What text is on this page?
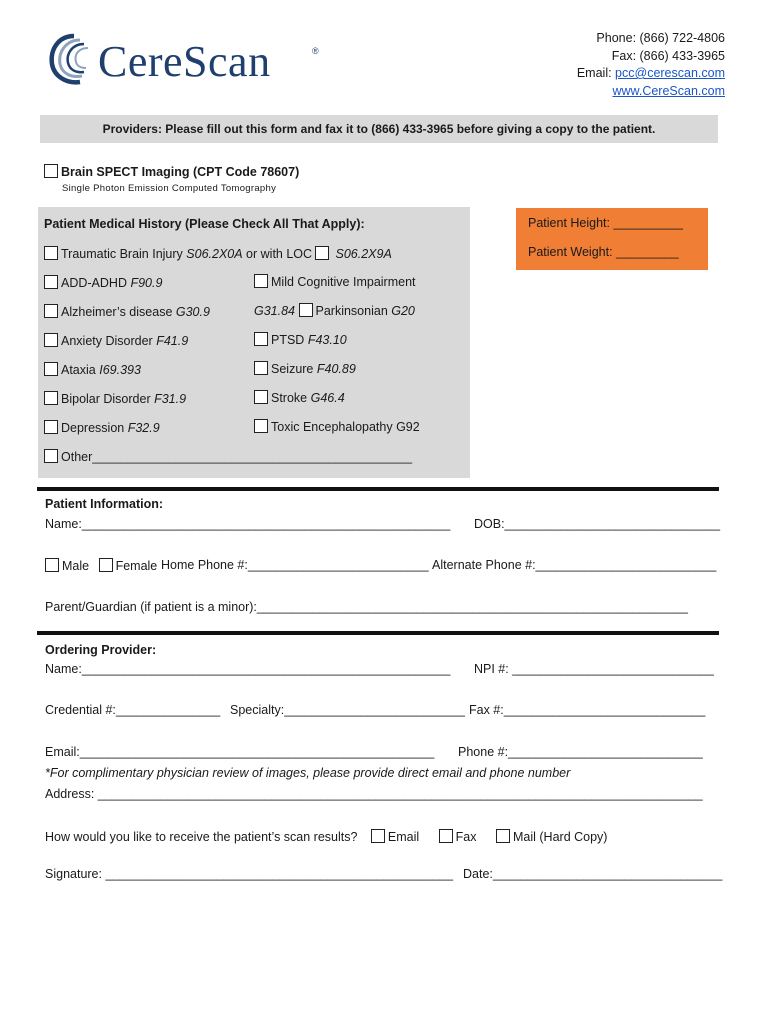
CereScan	®
Phone: (866) 722-4806
Fax: (866) 433-3965
Email: pcc@cerescan.com
www.CereScan.com
Providers: Please fill out this form and fax it to (866) 433-3965 before giving a copy to the patient.
Brain SPECT Imaging (CPT Code 78607)
Single Photon Emission Computed Tomography
Patient Medical History (Please Check All That Apply):
Traumatic Brain Injury S06.2X0A or with LOC S06.2X9A
ADD-ADHD F90.9
Alzheimer’s disease G30.9
Anxiety Disorder F41.9
Ataxia I69.393
Bipolar Disorder F31.9
Depression F32.9
Mild Cognitive Impairment
G31.84 Parkinsonian G20
PTSD F43.10
Seizure F40.89
Stroke G46.4
Toxic Encephalopathy G92
Other______________________________________________
Patient Height: __________
Patient Weight: _________
Patient Information:
Name:_____________________________________________________ DOB:_______________________________
Male Female Home Phone #:__________________________ Alternate Phone #:__________________________
Parent/Guardian (if patient is a minor):______________________________________________________________
Ordering Provider:
Name:_____________________________________________________ NPI #: _____________________________
Credential #:_______________ Specialty:__________________________ Fax #:_____________________________
Email:___________________________________________________ Phone #:____________________________
*For complimentary physician review of images, please provide direct email and phone number
Address: _______________________________________________________________________________________
How would you like to receive the patient’s scan results? Email	Fax	Mail (Hard Copy)
Signature: __________________________________________________ Date:_________________________________
